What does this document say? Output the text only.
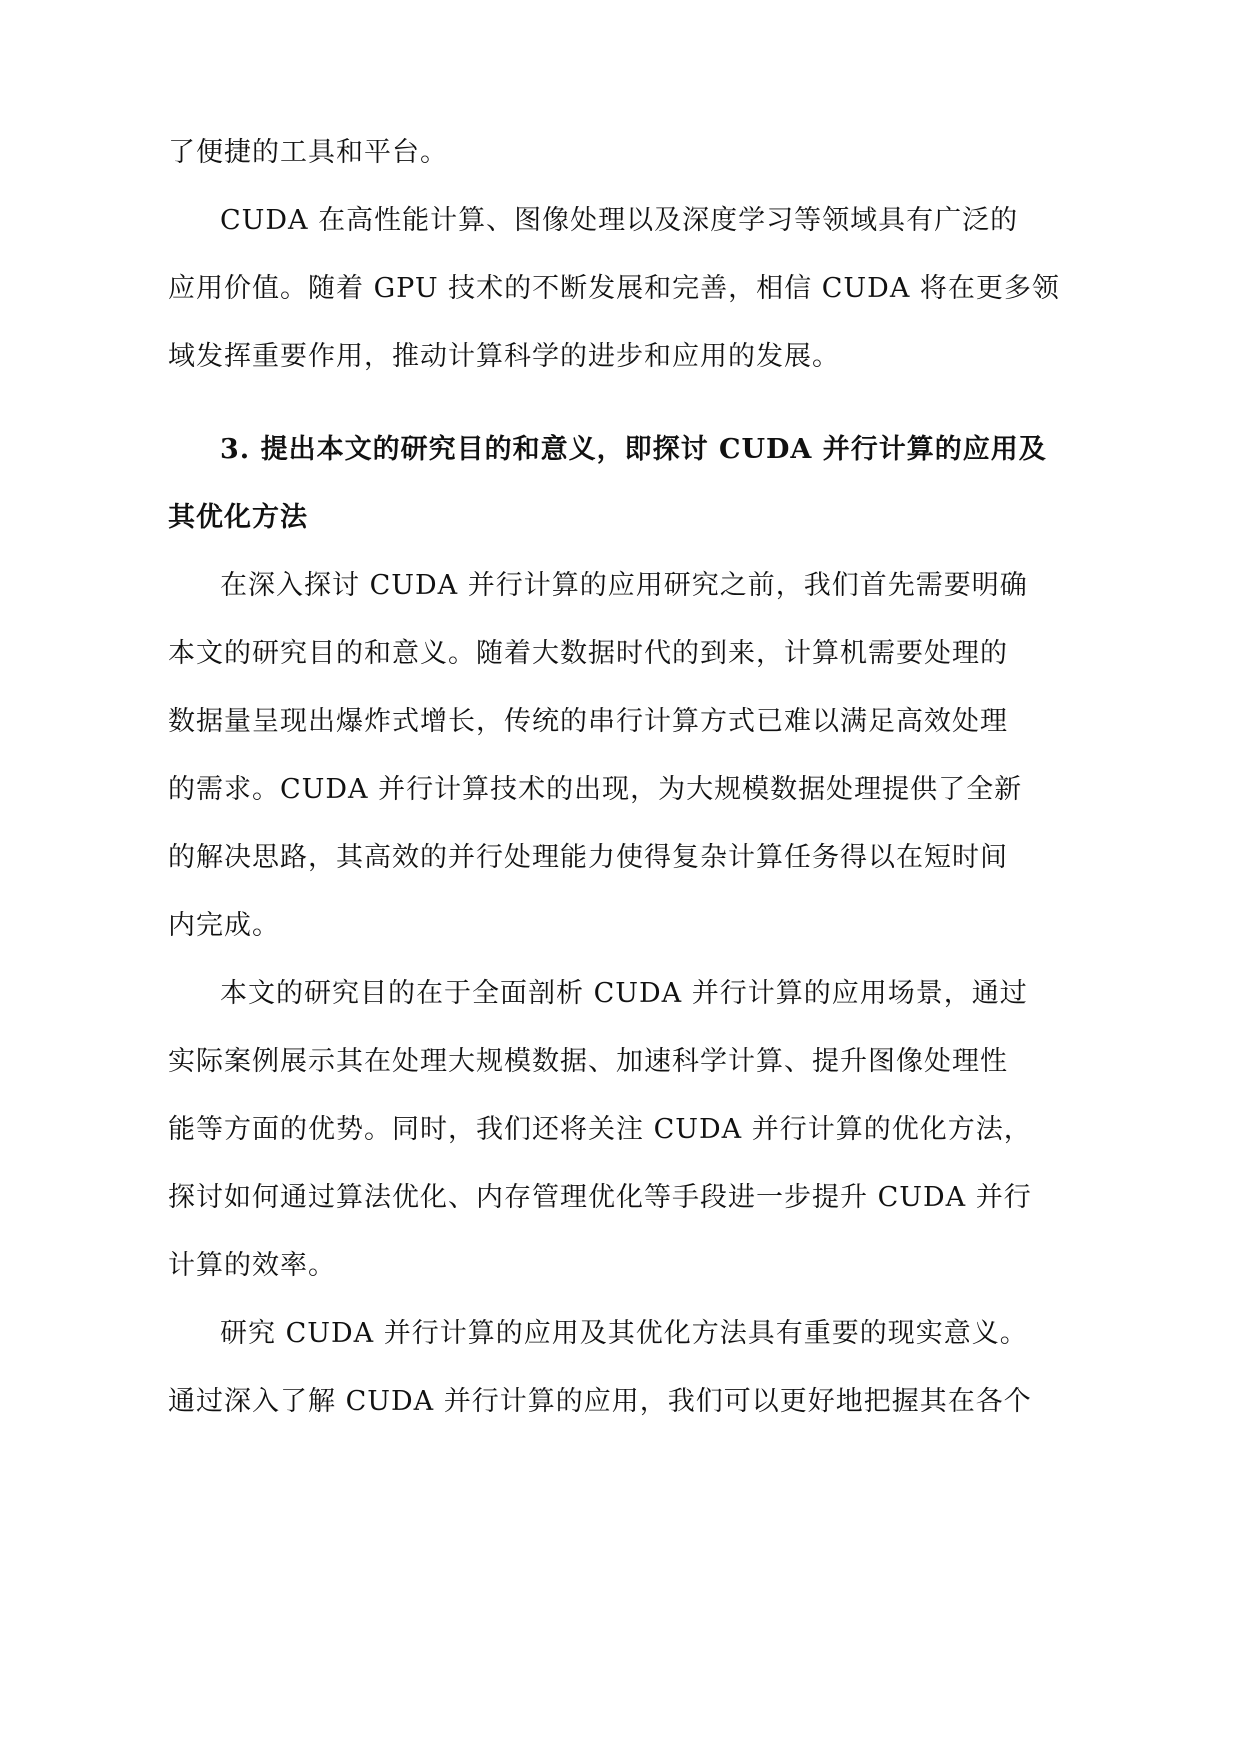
了便捷的工具和平台。
CUDA 在高性能计算、图像处理以及深度学习等领域具有广泛的
应用价值。随着 GPU 技术的不断发展和完善，相信 CUDA 将在更多领
域发挥重要作用，推动计算科学的进步和应用的发展。
3. 提出本文的研究目的和意义，即探讨 CUDA 并行计算的应用及
其优化方法
在深入探讨 CUDA 并行计算的应用研究之前，我们首先需要明确
本文的研究目的和意义。随着大数据时代的到来，计算机需要处理的
数据量呈现出爆炸式增长，传统的串行计算方式已难以满足高效处理
的需求。CUDA 并行计算技术的出现，为大规模数据处理提供了全新
的解决思路，其高效的并行处理能力使得复杂计算任务得以在短时间
内完成。
本文的研究目的在于全面剖析 CUDA 并行计算的应用场景，通过
实际案例展示其在处理大规模数据、加速科学计算、提升图像处理性
能等方面的优势。同时，我们还将关注 CUDA 并行计算的优化方法，
探讨如何通过算法优化、内存管理优化等手段进一步提升 CUDA 并行
计算的效率。
研究 CUDA 并行计算的应用及其优化方法具有重要的现实意义。
通过深入了解 CUDA 并行计算的应用，我们可以更好地把握其在各个
